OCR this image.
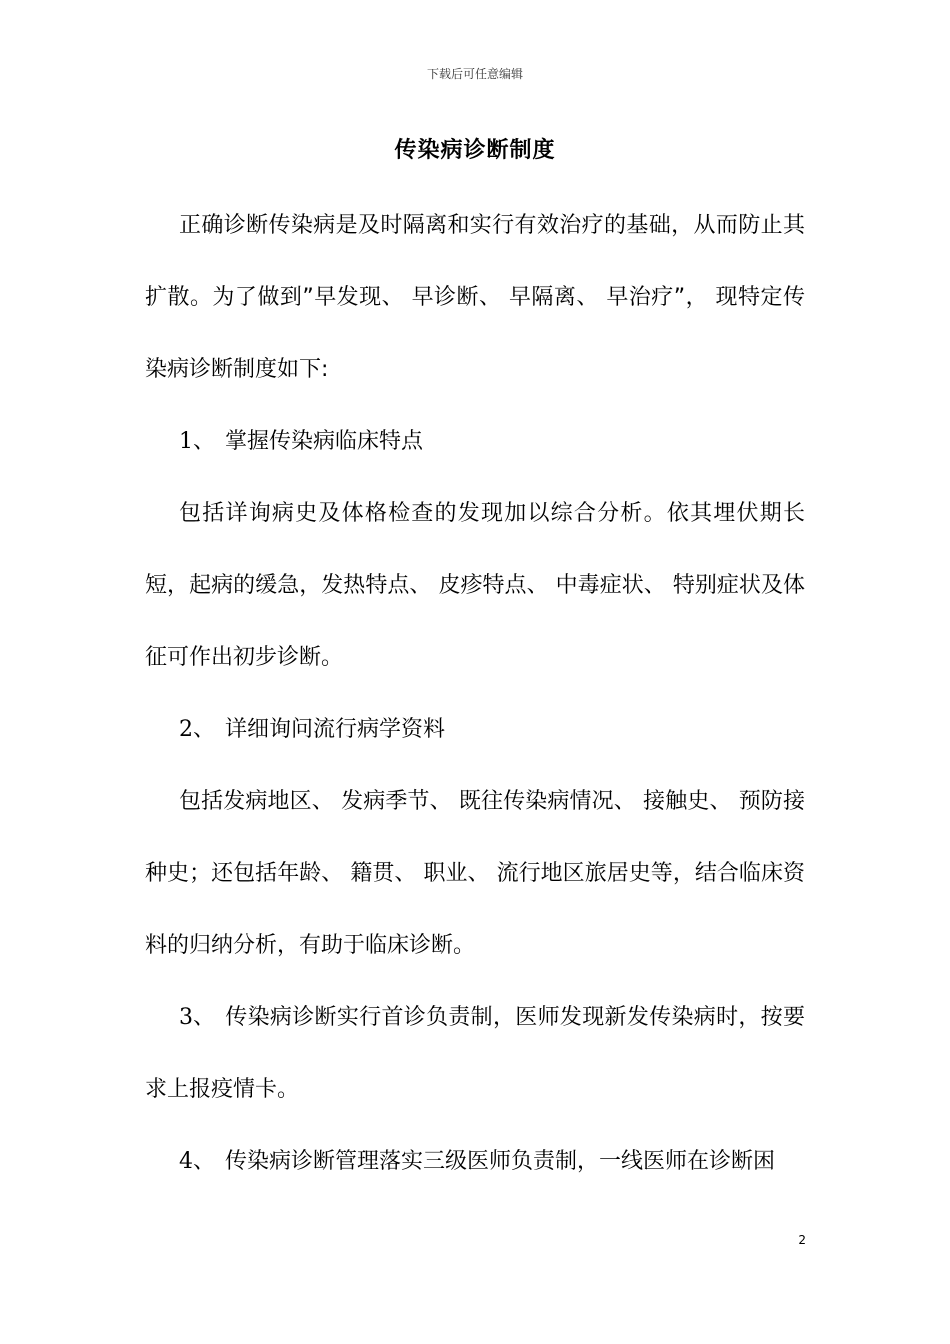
下载后可任意编辑
传染病诊断制度

正确诊断传染病是及时隔离和实行有效治疗的基础，从而防止其扩散。为了做到”早发现、 早诊断、 早隔离、 早治疗”， 现特定传染病诊断制度如下:

1、 掌握传染病临床特点

包括详询病史及体格检查的发现加以综合分析。依其埋伏期长短，起病的缓急，发热特点、 皮疹特点、 中毒症状、 特别症状及体征可作出初步诊断。

2、 详细询问流行病学资料

包括发病地区、 发病季节、 既往传染病情况、 接触史、 预防接种史；还包括年龄、 籍贯、 职业、 流行地区旅居史等，结合临床资料的归纳分析，有助于临床诊断。

3、 传染病诊断实行首诊负责制，医师发现新发传染病时，按要求上报疫情卡。

4、 传染病诊断管理落实三级医师负责制，一线医师在诊断困

2
